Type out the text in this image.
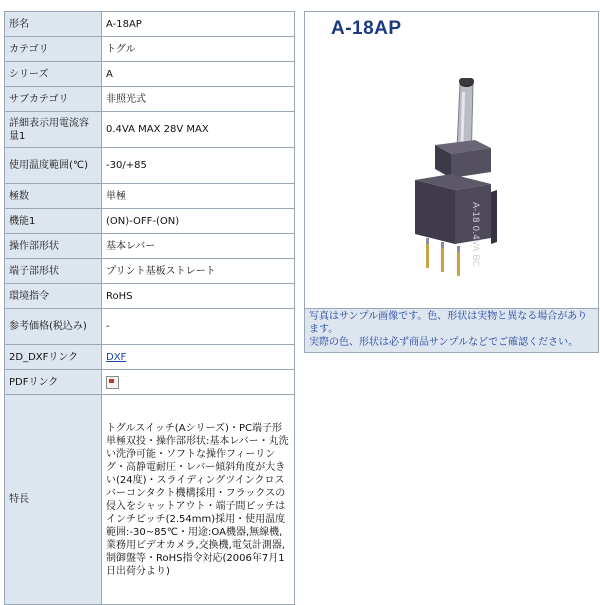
形名	A-18AP
カテゴリ	トグル
シリーズ	A
サブカテゴリ	非照光式
詳細表示用電流容量1	0.4VA MAX 28V MAX
使用温度範囲(℃)	-30/+85
極数	単極
機能1	(ON)-OFF-(ON)
操作部形状	基本レバー
端子部形状	プリント基板ストレート
環境指令	RoHS
参考価格(税込み)	-
2D_DXFリンク	DXF
PDFリンク	
特長	トグルスイッチ(Aシリーズ)・PC端子形単極双投・操作部形状:基本レバー・丸洗い洗浄可能・ソフトな操作フィーリング・高静電耐圧・レバー傾斜角度が大きい(24度)・スライディングツインクロスバーコンタクト機構採用・フラックスの侵入をシャットアウト・端子間ピッチはインチピッチ(2.54mm)採用・使用温度範囲:-30~85℃・用途:OA機器,無線機,業務用ビデオカメラ,交換機,電気計測器,制御盤等・RoHS指令対応(2006年7月1日出荷分より)
A-18AP
A-18 0.4VA BC
写真はサンプル画像です。色、形状は実物と異なる場合があります。
実際の色、形状は必ず商品サンプルなどでご確認ください。
